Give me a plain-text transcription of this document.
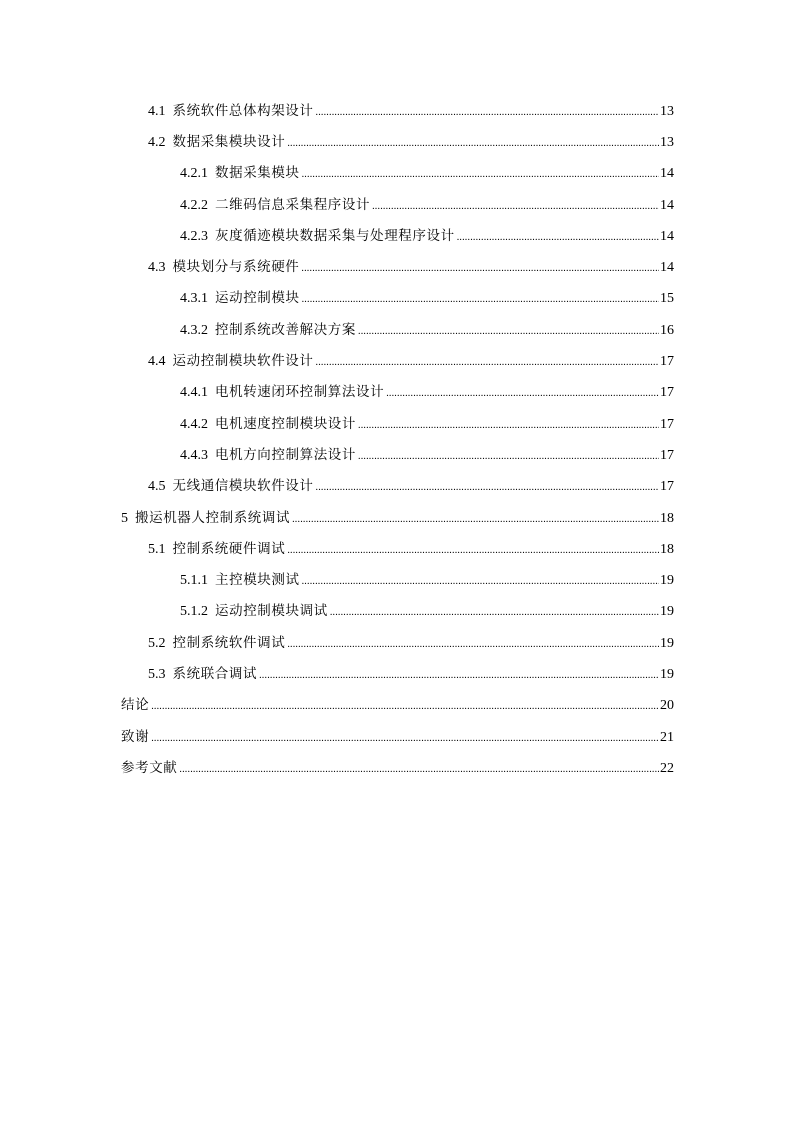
4.1 系统软件总体构架设计 .....	13
4.2 数据采集模块设计 .....	13
4.2.1 数据采集模块 .....	14
4.2.2 二维码信息采集程序设计 .....	14
4.2.3 灰度循迹模块数据采集与处理程序设计 .....	14
4.3 模块划分与系统硬件 .....	14
4.3.1 运动控制模块 .....	15
4.3.2 控制系统改善解决方案 .....	16
4.4 运动控制模块软件设计 .....	17
4.4.1 电机转速闭环控制算法设计 .....	17
4.4.2 电机速度控制模块设计 .....	17
4.4.3 电机方向控制算法设计 .....	17
4.5 无线通信模块软件设计 .....	17
5 搬运机器人控制系统调试 .....	18
5.1 控制系统硬件调试 .....	18
5.1.1 主控模块测试 .....	19
5.1.2 运动控制模块调试 .....	19
5.2 控制系统软件调试 .....	19
5.3 系统联合调试 .....	19
结论 .....	20
致谢 .....	21
参考文献 .....	22
